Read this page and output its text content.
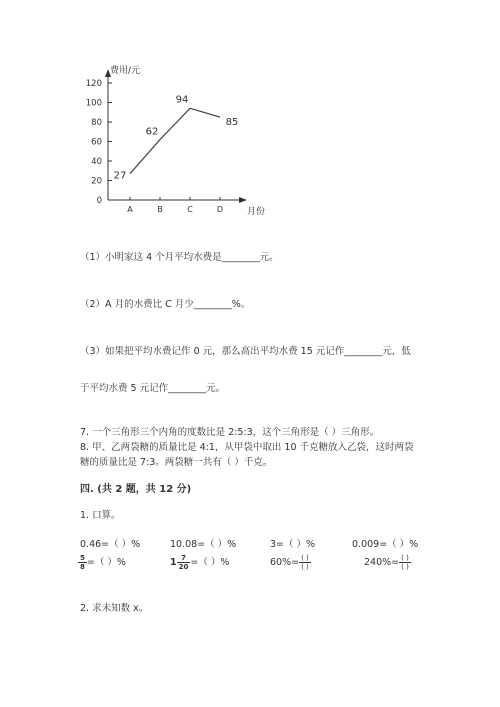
0
20
40
60
80
100
120
费用/元
月份
A	B	C	D
27
62
94
85
（1）小明家这 4 个月平均水费是________元。
（2）A 月的水费比 C 月少________%。
（3）如果把平均水费记作 0 元，那么高出平均水费 15 元记作________元，低
于平均水费 5 元记作________元。
7. 一个三角形三个内角的度数比是 2:5:3，这个三角形是（ ）三角形。
8. 甲、乙两袋糖的质量比是 4:1，从甲袋中取出 10 千克糖放入乙袋，这时两袋
糖的质量比是 7:3。两袋糖一共有（ ）千克。
四. (共 2 题，共 12 分)
1. 口算。
0.46=（ ）%	10.08=（ ）%	3=（ ）%	0.009=（ ）%
$\frac{5}{8}$ =（ ）%	$1 \frac{7}{20}$ =（ ）%	$60\%= \frac{( )}{( )}$	$240\%= \frac{( )}{( )}$
2. 求未知数 x。
